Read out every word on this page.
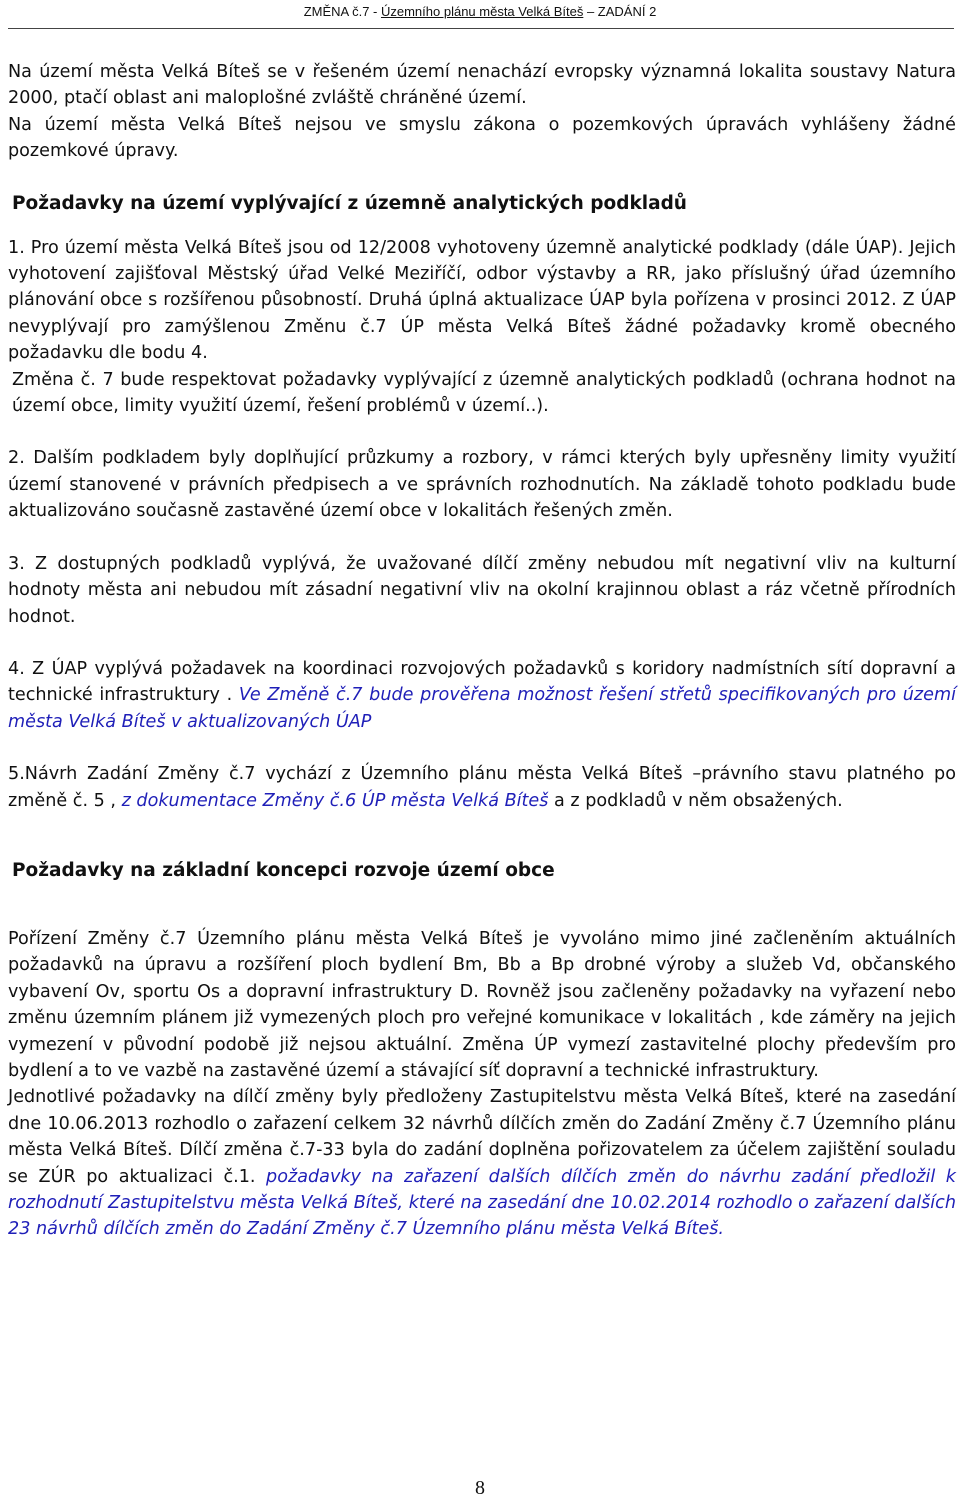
ZMĚNA č.7 - Územního plánu města Velká Bíteš – ZADÁNÍ 2

Na území města Velká Bíteš se v řešeném území nenachází evropsky významná lokalita soustavy Natura 2000, ptačí oblast ani maloplošné zvláště chráněné území.

Na území města Velká Bíteš nejsou ve smyslu zákona o pozemkových úpravách vyhlášeny žádné pozemkové úpravy.

Požadavky na území vyplývající z územně analytických podkladů

1. Pro území města Velká Bíteš jsou od 12/2008 vyhotoveny územně analytické podklady (dále ÚAP). Jejich vyhotovení zajišťoval Městský úřad Velké Meziříčí, odbor výstavby a RR, jako příslušný úřad územního plánování obce s rozšířenou působností. Druhá úplná aktualizace ÚAP byla pořízena v prosinci 2012. Z ÚAP nevyplývají pro zamýšlenou Změnu č.7 ÚP města Velká Bíteš žádné požadavky kromě obecného požadavku dle bodu 4.

Změna č. 7 bude respektovat požadavky vyplývající z územně analytických podkladů (ochrana hodnot na území obce, limity využití území, řešení problémů v území..).

2. Dalším podkladem byly doplňující průzkumy a rozbory, v rámci kterých byly upřesněny limity využití území stanovené v právních předpisech a ve správních rozhodnutích. Na základě tohoto podkladu bude aktualizováno současně zastavěné území obce v lokalitách řešených změn.

3. Z dostupných podkladů vyplývá, že uvažované dílčí změny nebudou mít negativní vliv na kulturní hodnoty města ani nebudou mít zásadní negativní vliv na okolní krajinnou oblast a ráz včetně přírodních hodnot.

4. Z ÚAP vyplývá požadavek na koordinaci rozvojových požadavků s koridory nadmístních sítí dopravní a technické infrastruktury . Ve Změně č.7 bude prověřena možnost řešení střetů specifikovaných pro území města Velká Bíteš v aktualizovaných ÚAP

5.Návrh Zadání Změny č.7 vychází z Územního plánu města Velká Bíteš –právního stavu platného po změně č. 5 , z dokumentace Změny č.6 ÚP města Velká Bíteš a z podkladů v něm obsažených.

Požadavky na základní koncepci rozvoje území obce

Pořízení Změny č.7 Územního plánu města Velká Bíteš je vyvoláno mimo jiné začleněním aktuálních požadavků na úpravu a rozšíření ploch bydlení Bm, Bb a Bp drobné výroby a služeb Vd, občanského vybavení Ov, sportu Os a dopravní infrastruktury D. Rovněž jsou začleněny požadavky na vyřazení nebo změnu územním plánem již vymezených ploch pro veřejné komunikace v lokalitách , kde záměry na jejich vymezení v původní podobě již nejsou aktuální. Změna ÚP vymezí zastavitelné plochy především pro bydlení a to ve vazbě na zastavěné území a stávající síť dopravní a technické infrastruktury.

Jednotlivé požadavky na dílčí změny byly předloženy Zastupitelstvu města Velká Bíteš, které na zasedání dne 10.06.2013 rozhodlo o zařazení celkem 32 návrhů dílčích změn do Zadání Změny č.7 Územního plánu města Velká Bíteš. Dílčí změna č.7-33 byla do zadání doplněna pořizovatelem za účelem zajištění souladu se ZÚR po aktualizaci č.1. požadavky na zařazení dalších dílčích změn do návrhu zadání předložil k rozhodnutí Zastupitelstvu města Velká Bíteš, které na zasedání dne 10.02.2014 rozhodlo o zařazení dalších 23 návrhů dílčích změn do Zadání Změny č.7 Územního plánu města Velká Bíteš.

8
